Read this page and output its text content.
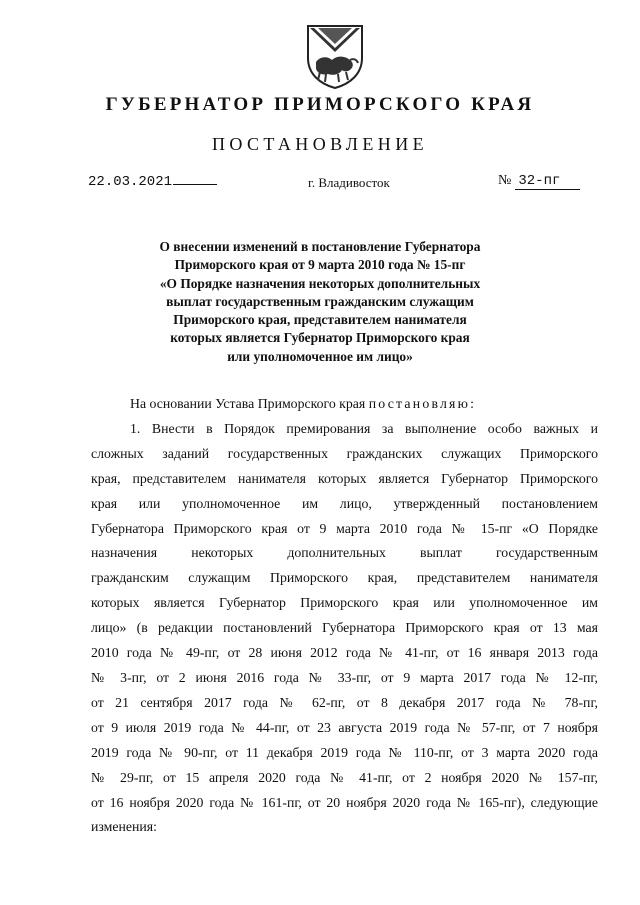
ГУБЕРНАТОР ПРИМОРСКОГО КРАЯ
ПОСТАНОВЛЕНИЕ
22.03.2021	г. Владивосток	№ 32-пг
О внесении изменений в постановление Губернатора
Приморского края от 9 марта 2010 года № 15-пг
«О Порядке назначения некоторых дополнительных
выплат государственным гражданским служащим
Приморского края, представителем нанимателя
которых является Губернатор Приморского края
или уполномоченное им лицо»
На основании Устава Приморского края постановляю:
1. Внести в Порядок премирования за выполнение особо важных и
сложных заданий государственных гражданских служащих Приморского
края, представителем нанимателя которых является Губернатор Приморского
края или уполномоченное им лицо, утвержденный постановлением
Губернатора Приморского края от 9 марта 2010 года № 15-пг «О Порядке
назначения некоторых дополнительных выплат государственным
гражданским служащим Приморского края, представителем нанимателя
которых является Губернатор Приморского края или уполномоченное им
лицо» (в редакции постановлений Губернатора Приморского края от 13 мая
2010 года № 49-пг, от 28 июня 2012 года № 41-пг, от 16 января 2013 года
№ 3-пг, от 2 июня 2016 года № 33-пг, от 9 марта 2017 года № 12-пг,
от 21 сентября 2017 года № 62-пг, от 8 декабря 2017 года № 78-пг,
от 9 июля 2019 года № 44-пг, от 23 августа 2019 года № 57-пг, от 7 ноября
2019 года № 90-пг, от 11 декабря 2019 года № 110-пг, от 3 марта 2020 года
№ 29-пг, от 15 апреля 2020 года № 41-пг, от 2 ноября 2020 № 157-пг,
от 16 ноября 2020 года № 161-пг, от 20 ноября 2020 года № 165-пг), следующие
изменения:
